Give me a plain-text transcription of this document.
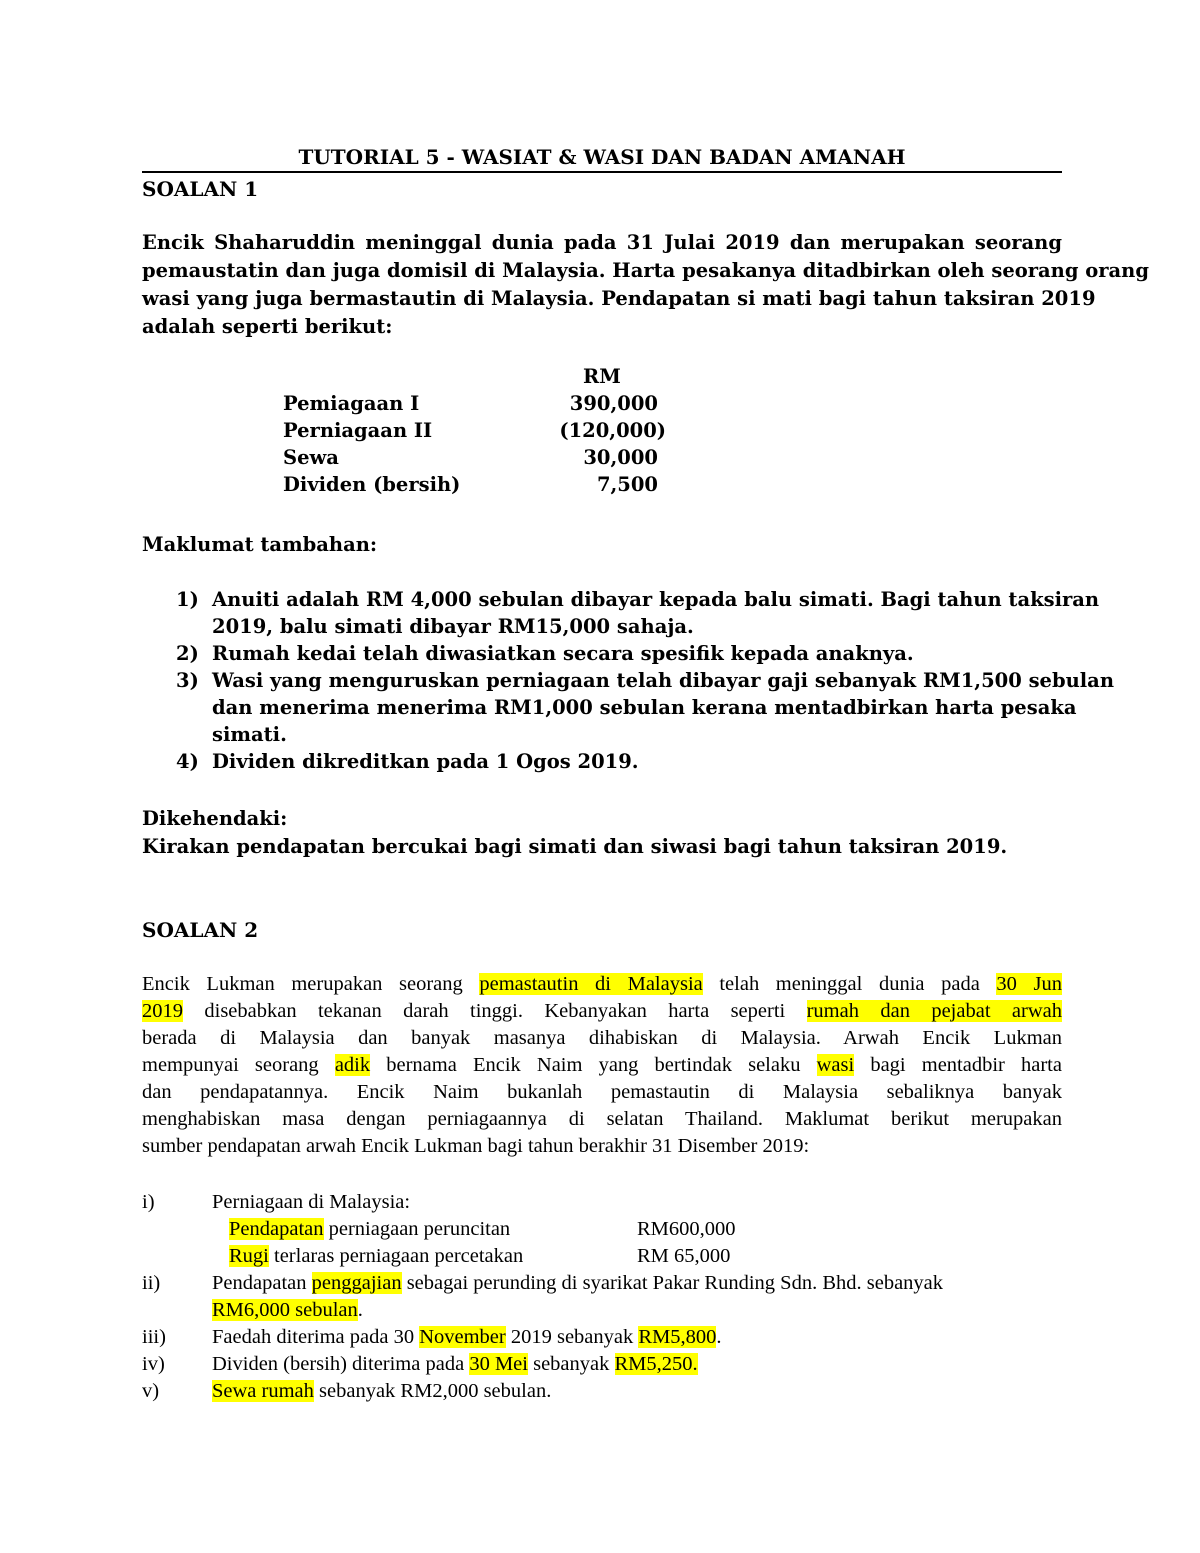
TUTORIAL 5 - WASIAT & WASI DAN BADAN AMANAH
SOALAN 1
Encik Shaharuddin meninggal dunia pada 31 Julai 2019 dan merupakan seorang
pemaustatin dan juga domisil di Malaysia. Harta pesakanya ditadbirkan oleh seorang orang
wasi yang juga bermastautin di Malaysia. Pendapatan si mati bagi tahun taksiran 2019
adalah seperti berikut:
RM
Pemiagaan I	390,000
Perniagaan II	(120,000)
Sewa	30,000
Dividen (bersih)	7,500
Maklumat tambahan:
1) Anuiti adalah RM 4,000 sebulan dibayar kepada balu simati. Bagi tahun taksiran
2019, balu simati dibayar RM15,000 sahaja.
2) Rumah kedai telah diwasiatkan secara spesifik kepada anaknya.
3) Wasi yang menguruskan perniagaan telah dibayar gaji sebanyak RM1,500 sebulan
dan menerima menerima RM1,000 sebulan kerana mentadbirkan harta pesaka
simati.
4) Dividen dikreditkan pada 1 Ogos 2019.
Dikehendaki:
Kirakan pendapatan bercukai bagi simati dan siwasi bagi tahun taksiran 2019.
SOALAN 2
Encik Lukman merupakan seorang pemastautin di Malaysia telah meninggal dunia pada 30 Jun
2019 disebabkan tekanan darah tinggi. Kebanyakan harta seperti rumah dan pejabat arwah
berada di Malaysia dan banyak masanya dihabiskan di Malaysia. Arwah Encik Lukman
mempunyai seorang adik bernama Encik Naim yang bertindak selaku wasi bagi mentadbir harta
dan pendapatannya. Encik Naim bukanlah pemastautin di Malaysia sebaliknya banyak
menghabiskan masa dengan perniagaannya di selatan Thailand. Maklumat berikut merupakan
sumber pendapatan arwah Encik Lukman bagi tahun berakhir 31 Disember 2019:
i)	Perniagaan di Malaysia:
Pendapatan perniagaan peruncitan	RM600,000
Rugi terlaras perniagaan percetakan	RM 65,000
ii)	Pendapatan penggajian sebagai perunding di syarikat Pakar Runding Sdn. Bhd. sebanyak
RM6,000 sebulan.
iii) Faedah diterima pada 30 November 2019 sebanyak RM5,800.
iv) Dividen (bersih) diterima pada 30 Mei sebanyak RM5,250.
v)	Sewa rumah sebanyak RM2,000 sebulan.
